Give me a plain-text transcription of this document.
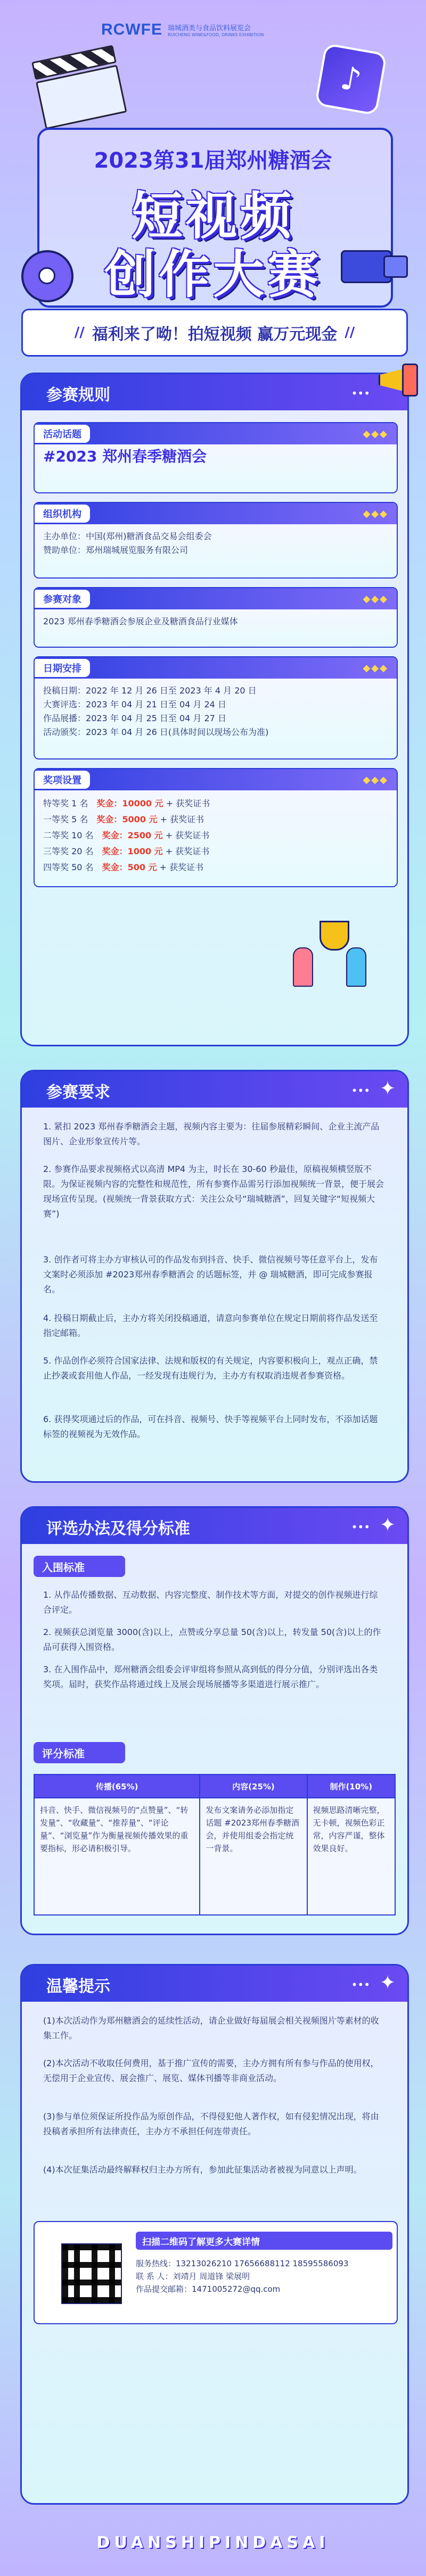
RCWFE 瑞城酒类与食品饮料展览会
RUICHENG WINE&FOOD, DRINKS EXHIBITION
♪
2023第31届郑州糖酒会
短视频
创作大赛
// 福利来了呦！拍短视频 赢万元现金 //
参赛规则	•••
活动话题	◆◆◆
#2023 郑州春季糖酒会
组织机构	◆◆◆
主办单位： 中国(郑州)糖酒食品交易会组委会
赞助单位： 郑州瑞城展览服务有限公司
参赛对象	◆◆◆
2023 郑州春季糖酒会参展企业及糖酒食品行业媒体
日期安排	◆◆◆
投稿日期：2022 年 12 月 26 日至 2023 年 4 月 20 日
大赛评选：2023 年 04 月 21 日至 04 月 24 日
作品展播：2023 年 04 月 25 日至 04 月 27 日
活动颁奖：2023 年 04 月 26 日(具体时间以现场公布为准)
奖项设置	◆◆◆
特等奖 1 名　 奖金：10000 元 + 获奖证书
一等奖 5 名　 奖金：5000 元 + 获奖证书
二等奖 10 名　 奖金：2500 元 + 获奖证书
三等奖 20 名　 奖金：1000 元 + 获奖证书
四等奖 50 名　 奖金：500 元 + 获奖证书
参赛要求	••• ✦
1. 紧扣 2023 郑州春季糖酒会主题，视频内容主要为：往届参展精彩瞬间、企业主流产品图片、企业形象宣传片等。
2. 参赛作品要求视频格式以高清 MP4 为主，时长在 30-60 秒最佳，原稿视频横竖版不限。为保证视频内容的完整性和规范性，所有参赛作品需另行添加视频统一背景，便于展会现场宣传呈现。(视频统一背景获取方式：关注公众号“瑞城糖酒”，回复关键字“短视频大赛”)
3. 创作者可将主办方审核认可的作品发布到抖音、快手、微信视频号等任意平台上，发布文案时必须添加 #2023郑州春季糖酒会 的话题标签，并 @ 瑞城糖酒，即可完成参赛报名。
4. 投稿日期截止后，主办方将关闭投稿通道，请意向参赛单位在规定日期前将作品发送至指定邮箱。
5. 作品创作必须符合国家法律、法规和版权的有关规定，内容要积极向上，观点正确，禁止抄袭或套用他人作品，一经发现有违规行为，主办方有权取消违规者参赛资格。
6. 获得奖项通过后的作品，可在抖音、视频号、快手等视频平台上同时发布，不添加话题标签的视频视为无效作品。
评选办法及得分标准	••• ✦
入围标准
1. 从作品传播数据、互动数据、内容完整度、制作技术等方面，对提交的创作视频进行综合评定。
2. 视频获总浏览量 3000(含)以上，点赞或分享总量 50(含)以上，转发量 50(含)以上的作品可获得入围资格。
3. 在入围作品中，郑州糖酒会组委会评审组将参照从高到低的得分分值，分别评选出各类奖项。届时，获奖作品将通过线上及展会现场展播等多渠道进行展示推广。
评分标准
传播(65%)	内容(25%)	制作(10%)
抖音、快手、微信视频号的“点赞量”、“转发量”、“收藏量”、“推荐量”、“评论量”、“浏览量”作为衡量视频传播效果的重要指标，形必请积极引导。	发布文案请务必添加指定话题 #2023郑州春季糖酒会，并使用组委会指定统一背景。	视频思路清晰完整，无卡顿，视频色彩正常，内容严谨，整体效果良好。
温馨提示	••• ✦
(1)本次活动作为郑州糖酒会的延续性活动，请企业做好每届展会相关视频图片等素材的收集工作。
(2)本次活动不收取任何费用，基于推广宣传的需要，主办方拥有所有参与作品的使用权，无偿用于企业宣传、展会推广、展览、媒体刊播等非商业活动。
(3)参与单位须保证所投作品为原创作品，不得侵犯他人著作权，如有侵犯情况出现，将由投稿者承担所有法律责任，主办方不承担任何连带责任。
(4)本次征集活动最终解释权归主办方所有，参加此征集活动者被视为同意以上声明。
扫描二维码了解更多大赛详情
服务热线：13213026210 17656688112 18595586093
联 系 人：刘靖月 周道锋 梁展明
作品提交邮箱：1471005272@qq.com
DUANSHIPINDASAI
